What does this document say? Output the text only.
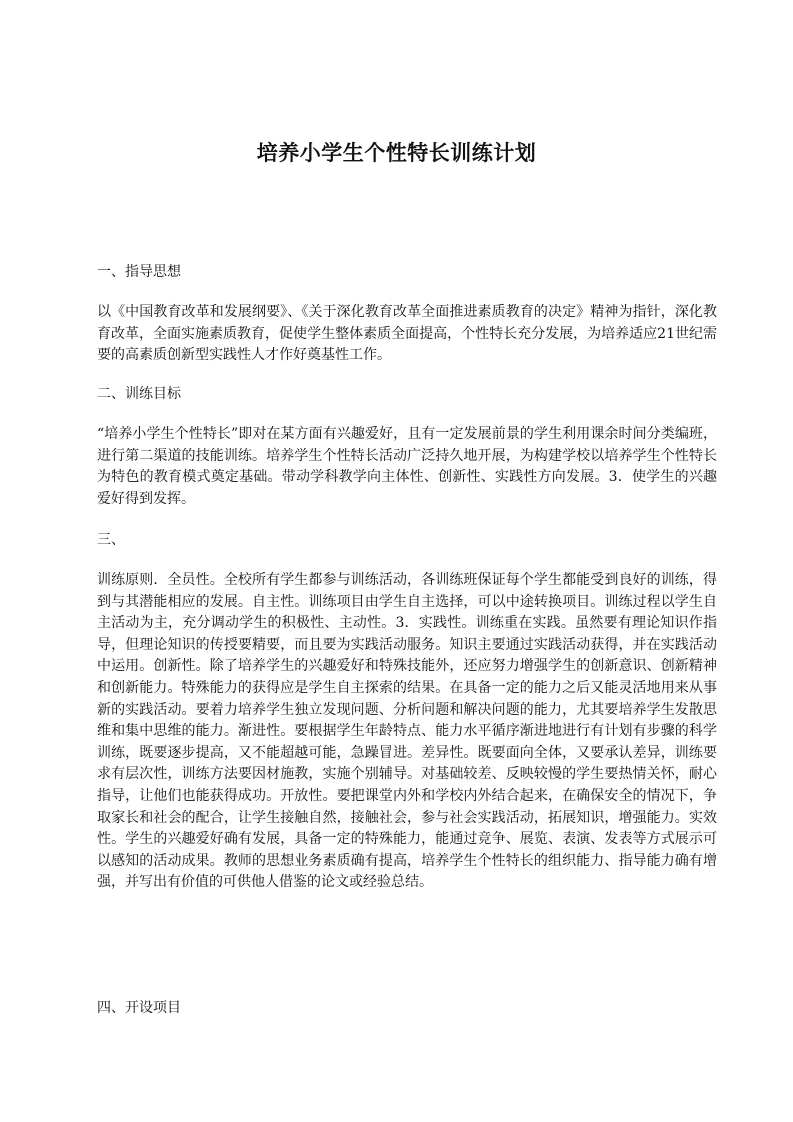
培养小学生个性特长训练计划
一、指导思想
以《中国教育改革和发展纲要》、《关于深化教育改革全面推进素质教育的决定》精神为指针，深化教育改革，全面实施素质教育，促使学生整体素质全面提高，个性特长充分发展，为培养适应21世纪需要的高素质创新型实践性人才作好奠基性工作。
二、训练目标
“培养小学生个性特长”即对在某方面有兴趣爱好，且有一定发展前景的学生利用课余时间分类编班，进行第二渠道的技能训练。培养学生个性特长活动广泛持久地开展，为构建学校以培养学生个性特长为特色的教育模式奠定基础。带动学科教学向主体性、创新性、实践性方向发展。3．使学生的兴趣爱好得到发挥。
三、
训练原则．全员性。全校所有学生都参与训练活动，各训练班保证每个学生都能受到良好的训练，得到与其潜能相应的发展。自主性。训练项目由学生自主选择，可以中途转换项目。训练过程以学生自主活动为主，充分调动学生的积极性、主动性。3．实践性。训练重在实践。虽然要有理论知识作指导，但理论知识的传授要精要，而且要为实践活动服务。知识主要通过实践活动获得，并在实践活动中运用。创新性。除了培养学生的兴趣爱好和特殊技能外，还应努力增强学生的创新意识、创新精神和创新能力。特殊能力的获得应是学生自主探索的结果。在具备一定的能力之后又能灵活地用来从事新的实践活动。要着力培养学生独立发现问题、分析问题和解决问题的能力，尤其要培养学生发散思维和集中思维的能力。渐进性。要根据学生年龄特点、能力水平循序渐进地进行有计划有步骤的科学训练，既要逐步提高，又不能超越可能，急躁冒进。差异性。既要面向全体，又要承认差异，训练要求有层次性，训练方法要因材施教，实施个别辅导。对基础较差、反映较慢的学生要热情关怀，耐心指导，让他们也能获得成功。开放性。要把课堂内外和学校内外结合起来，在确保安全的情况下，争取家长和社会的配合，让学生接触自然，接触社会，参与社会实践活动，拓展知识，增强能力。实效性。学生的兴趣爱好确有发展，具备一定的特殊能力，能通过竞争、展览、表演、发表等方式展示可以感知的活动成果。教师的思想业务素质确有提高，培养学生个性特长的组织能力、指导能力确有增强，并写出有价值的可供他人借鉴的论文或经验总结。
四、开设项目
